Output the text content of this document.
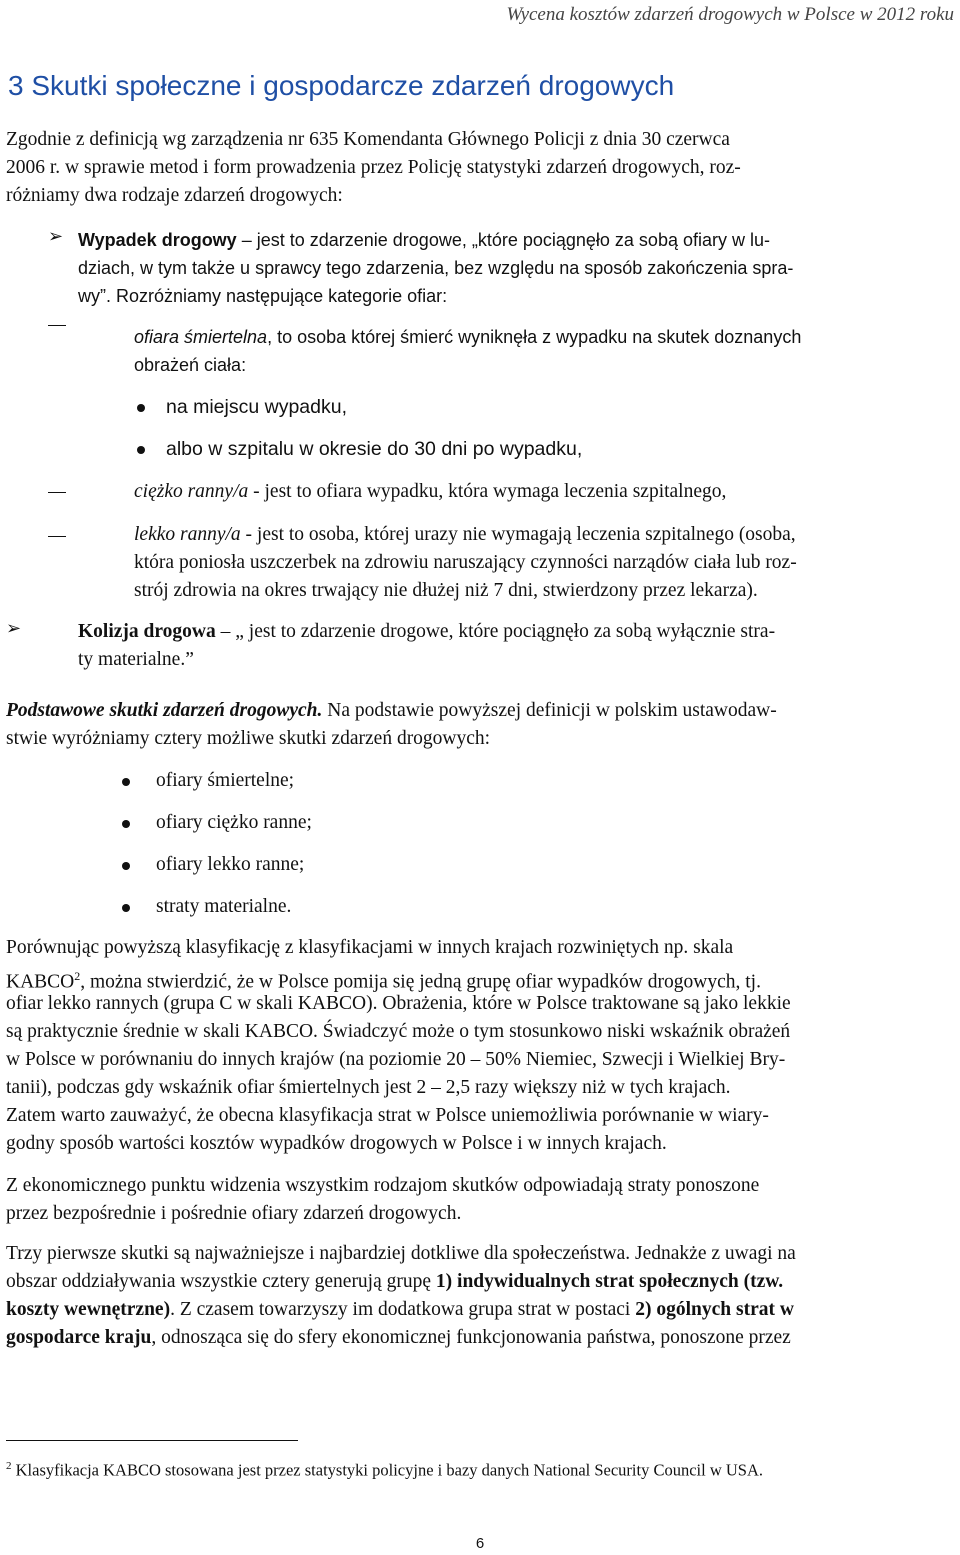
Wycena kosztów zdarzeń drogowych w Polsce w 2012 roku
3 Skutki społeczne i gospodarcze zdarzeń drogowych

Zgodnie z definicją wg zarządzenia nr 635 Komendanta Głównego Policji z dnia 30 czerwca

2006 r. w sprawie metod i form prowadzenia przez Policję statystyki zdarzeń drogowych, roz-

różniamy dwa rodzaje zdarzeń drogowych:

➢ Wypadek drogowy – jest to zdarzenie drogowe, „które pociągnęło za sobą ofiary w lu-

dziach, w tym także u sprawcy tego zdarzenia, bez względu na sposób zakończenia spra-

wy”. Rozróżniamy następujące kategorie ofiar:

ofiara śmiertelna, to osoba której śmierć wyniknęła z wypadku na skutek doznanych

obrażeń ciała:

na miejscu wypadku,

albo w szpitalu w okresie do 30 dni po wypadku,

ciężko ranny/a - jest to ofiara wypadku, która wymaga leczenia szpitalnego,

lekko ranny/a - jest to osoba, której urazy nie wymagają leczenia szpitalnego (osoba,

która poniosła uszczerbek na zdrowiu naruszający czynności narządów ciała lub roz-

strój zdrowia na okres trwający nie dłużej niż 7 dni, stwierdzony przez lekarza).

➢	Kolizja drogowa – „ jest to zdarzenie drogowe, które pociągnęło za sobą wyłącznie stra-

ty materialne.”

Podstawowe skutki zdarzeń drogowych. Na podstawie powyższej definicji w polskim ustawodaw-

stwie wyróżniamy cztery możliwe skutki zdarzeń drogowych:

ofiary śmiertelne;

ofiary ciężko ranne;

ofiary lekko ranne;

straty materialne.

Porównując powyższą klasyfikację z klasyfikacjami w innych krajach rozwiniętych np. skala

KABCO$^2$, można stwierdzić, że w Polsce pomija się jedną grupę ofiar wypadków drogowych, tj.

ofiar lekko rannych (grupa C w skali KABCO). Obrażenia, które w Polsce traktowane są jako lekkie

są praktycznie średnie w skali KABCO. Świadczyć może o tym stosunkowo niski wskaźnik obrażeń

w Polsce w porównaniu do innych krajów (na poziomie 20 – 50% Niemiec, Szwecji i Wielkiej Bry-

tanii), podczas gdy wskaźnik ofiar śmiertelnych jest 2 – 2,5 razy większy niż w tych krajach.

Zatem warto zauważyć, że obecna klasyfikacja strat w Polsce uniemożliwia porównanie w wiary-

godny sposób wartości kosztów wypadków drogowych w Polsce i w innych krajach.

Z ekonomicznego punktu widzenia wszystkim rodzajom skutków odpowiadają straty ponoszone

przez bezpośrednie i pośrednie ofiary zdarzeń drogowych.

Trzy pierwsze skutki są najważniejsze i najbardziej dotkliwe dla społeczeństwa. Jednakże z uwagi na

obszar oddziaływania wszystkie cztery generują grupę 1) indywidualnych strat społecznych (tzw.

koszty wewnętrzne). Z czasem towarzyszy im dodatkowa grupa strat w postaci 2) ogólnych strat w

gospodarce kraju, odnosząca się do sfery ekonomicznej funkcjonowania państwa, ponoszone przez

$^2$ Klasyfikacja KABCO stosowana jest przez statystyki policyjne i bazy danych National Security Council w USA.
6
